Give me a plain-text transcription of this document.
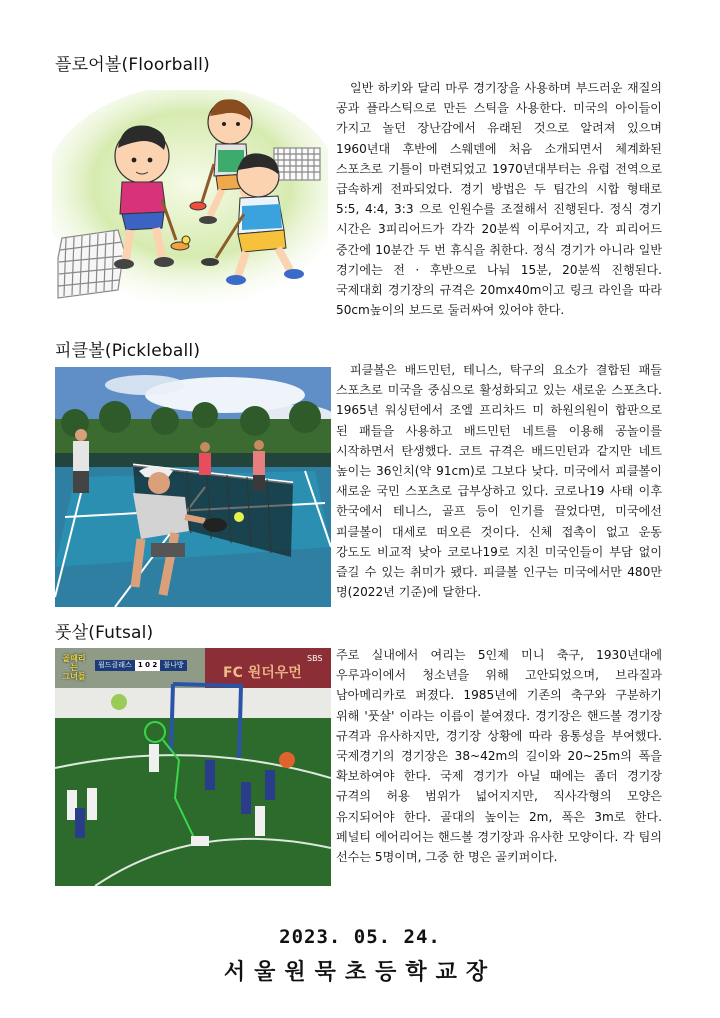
플로어볼(Floorball)

일반 하키와 달리 마루 경기장을 사용하며 부드러운 재질의 공과 플라스틱으로 만든 스틱을 사용한다. 미국의 아이들이 가지고 놀던 장난감에서 유래된 것으로 알려져 있으며 1960년대 후반에 스웨덴에 처음 소개되면서 체계화된 스포츠로 기틀이 마련되었고 1970년대부터는 유럽 전역으로 급속하게 전파되었다. 경기 방법은 두 팀간의 시합 형태로 5:5, 4:4, 3:3 으로 인원수를 조절해서 진행된다. 정식 경기 시간은 3피리어드가 각각 20분씩 이루어지고, 각 피리어드 중간에 10분간 두 번 휴식을 취한다. 정식 경기가 아니라 일반 경기에는 전 · 후반으로 나눠 15분, 20분씩 진행된다. 국제대회 경기장의 규격은 20mx40m이고 링크 라인을 따라 50cm높이의 보드로 둘러싸여 있어야 한다.

피클볼(Pickleball)

피클볼은 배드민턴, 테니스, 탁구의 요소가 결합된 패들 스포츠로 미국을 중심으로 활성화되고 있는 새로운 스포츠다. 1965년 워싱턴에서 조엘 프리차드 미 하원의원이 합판으로 된 패들을 사용하고 배드민턴 네트를 이용해 공놀이를 시작하면서 탄생했다. 코트 규격은 배드민턴과 같지만 네트 높이는 36인치(약 91cm)로 그보다 낮다. 미국에서 피클볼이 새로운 국민 스포츠로 급부상하고 있다. 코로나19 사태 이후 한국에서 테니스, 골프 등이 인기를 끌었다면, 미국에선 피클볼이 대세로 떠오른 것이다. 신체 접촉이 없고 운동 강도도 비교적 낮아 코로나19로 지친 미국인들이 부담 없이 즐길 수 있는 취미가 됐다. 피클볼 인구는 미국에서만 480만 명(2022년 기준)에 달한다.

풋살(Futsal)
골때리는
그녀들
월드클래스 1 0 2 불나방
SBS
FC 원더우먼

주로 실내에서 여리는 5인제 미니 축구, 1930년대에 우루과이에서 청소년을 위해 고안되었으며, 브라질과 남아메리카로 퍼졌다. 1985년에 기존의 축구와 구분하기 위해 '풋살' 이라는 이름이 붙여졌다. 경기장은 핸드볼 경기장 규격과 유사하지만, 경기장 상황에 따라 융통성을 부여했다. 국제경기의 경기장은 38~42m의 길이와 20~25m의 폭을 확보하여야 한다. 국제 경기가 아닐 때에는 좀더 경기장 규격의 허용 범위가 넓어지지만, 직사각형의 모양은 유지되어야 한다. 골대의 높이는 2m, 폭은 3m로 한다. 페널티 에어리어는 핸드볼 경기장과 유사한 모양이다. 각 팀의 선수는 5명이며, 그중 한 명은 골키퍼이다.

2023. 05. 24.
서울원묵초등학교장
